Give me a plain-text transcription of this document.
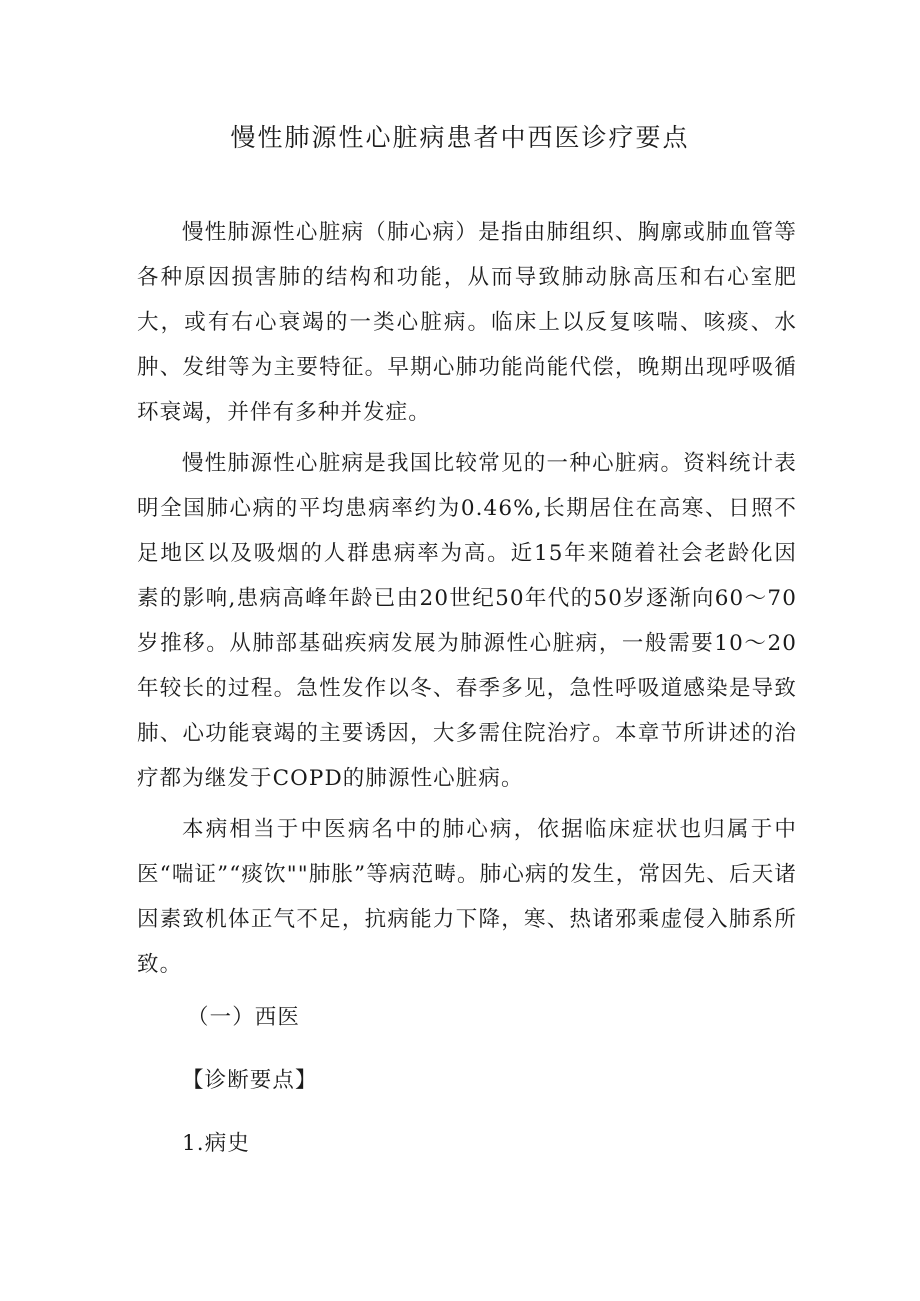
慢性肺源性心脏病患者中西医诊疗要点

慢性肺源性心脏病（肺心病）是指由肺组织、胸廓或肺血管等各种原因损害肺的结构和功能，从而导致肺动脉高压和右心室肥大，或有右心衰竭的一类心脏病。临床上以反复咳喘、咳痰、水肿、发绀等为主要特征。早期心肺功能尚能代偿，晚期出现呼吸循环衰竭，并伴有多种并发症。

慢性肺源性心脏病是我国比较常见的一种心脏病。资料统计表明全国肺心病的平均患病率约为0.46%,长期居住在高寒、日照不足地区以及吸烟的人群患病率为高。近15年来随着社会老龄化因素的影响,患病高峰年龄已由20世纪50年代的50岁逐渐向60～70岁推移。从肺部基础疾病发展为肺源性心脏病，一般需要10～20年较长的过程。急性发作以冬、春季多见，急性呼吸道感染是导致肺、心功能衰竭的主要诱因，大多需住院治疗。本章节所讲述的治疗都为继发于COPD的肺源性心脏病。

本病相当于中医病名中的肺心病，依据临床症状也归属于中医“喘证”“痰饮""肺胀”等病范畴。肺心病的发生，常因先、后天诸因素致机体正气不足，抗病能力下降，寒、热诸邪乘虚侵入肺系所致。

（一）西医

【诊断要点】

1.病史
